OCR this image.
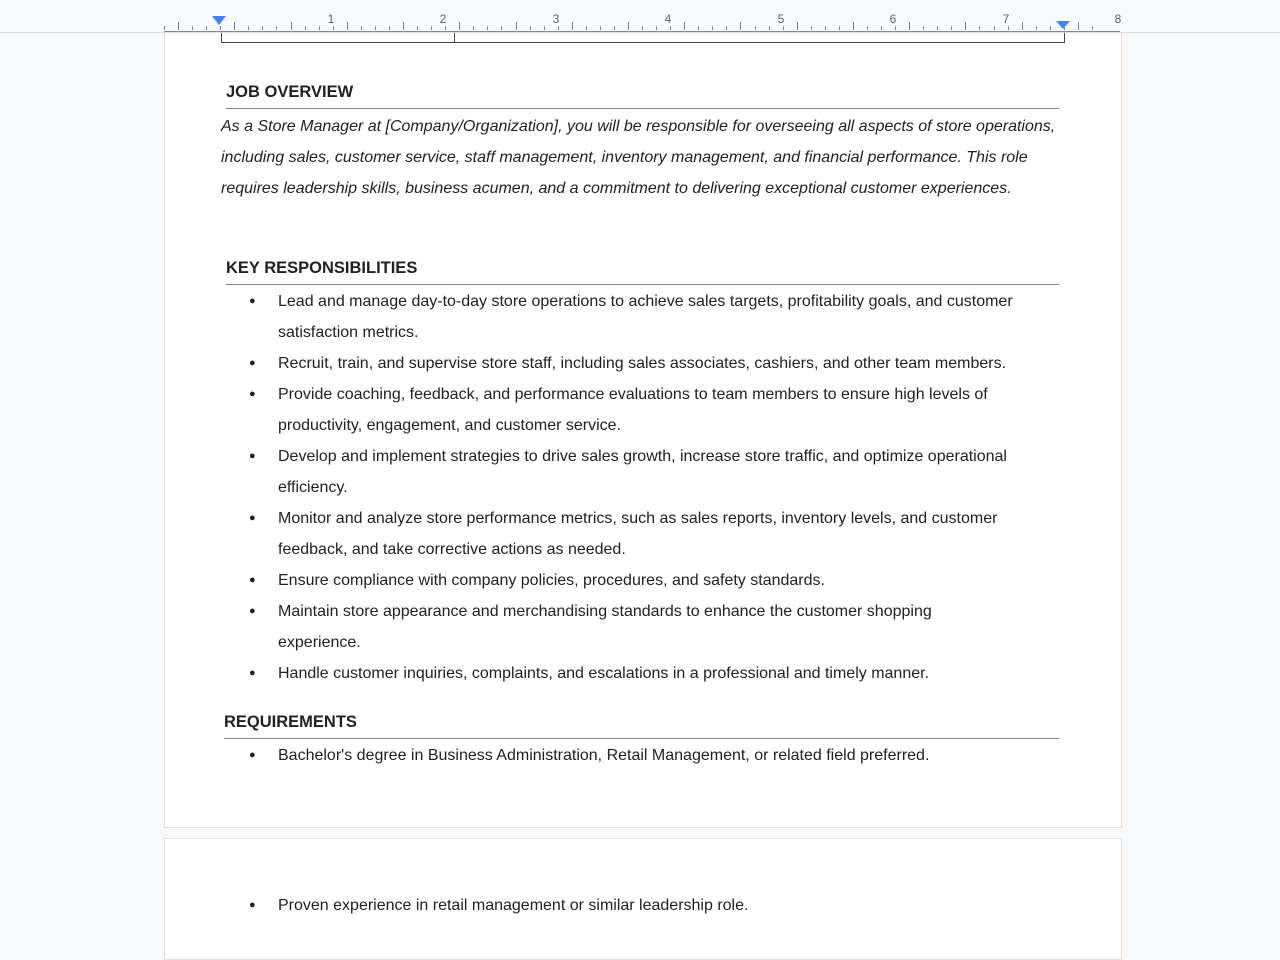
JOB OVERVIEW
As a Store Manager at [Company/Organization], you will be responsible for overseeing all aspects of store operations, including sales, customer service, staff management, inventory management, and financial performance. This role requires leadership skills, business acumen, and a commitment to delivering exceptional customer experiences.
KEY RESPONSIBILITIES
● Lead and manage day-to-day store operations to achieve sales targets, profitability goals, and customer satisfaction metrics.
● Recruit, train, and supervise store staff, including sales associates, cashiers, and other team members.
● Provide coaching, feedback, and performance evaluations to team members to ensure high levels of productivity, engagement, and customer service.
● Develop and implement strategies to drive sales growth, increase store traffic, and optimize operational efficiency.
● Monitor and analyze store performance metrics, such as sales reports, inventory levels, and customer feedback, and take corrective actions as needed.
● Ensure compliance with company policies, procedures, and safety standards.
● Maintain store appearance and merchandising standards to enhance the customer shopping experience.
● Handle customer inquiries, complaints, and escalations in a professional and timely manner.
REQUIREMENTS
● Bachelor's degree in Business Administration, Retail Management, or related field preferred.
● Proven experience in retail management or similar leadership role.
1	2	3	4	5	6	7	8
